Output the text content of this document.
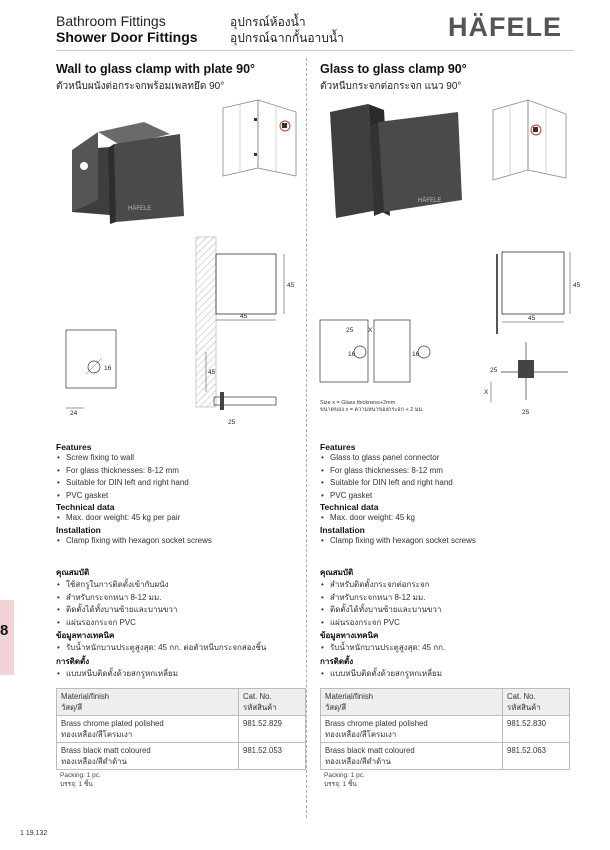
Bathroom Fittings
Shower Door Fittings
อุปกรณ์ห้องน้ำ
อุปกรณ์ฉากกั้นอาบน้ำ	HÄFELE
Wall to glass clamp with plate 90°
ตัวหนีบผนังต่อกระจกพร้อมเพลทยึด 90°
HÄFELE
45
45
16
24
45
25
Features
• Screw fixing to wall
• For glass thicknesses: 8-12 mm
• Suitable for DIN left and right hand
• PVC gasket
Technical data
• Max. door weight: 45 kg per pair
Installation
• Clamp fixing with hexagon socket screws
คุณสมบัติ
• ใช้สกรูในการติดตั้งเข้ากับผนัง
• สำหรับกระจกหนา 8-12 มม.
• ติดตั้งได้ทั้งบานซ้ายและบานขวา
• แผ่นรองกระจก PVC
ข้อมูลทางเทคนิค
• รับน้ำหนักบานประตูสูงสุด: 45 กก. ต่อตัวหนีบกระจกสองชิ้น
การติดตั้ง
• แบบหนีบติดตั้งด้วยสกรูหกเหลี่ยม
Material/finish
วัสดุ/สี	Cat. No.
รหัสสินค้า
Brass chrome plated polished
ทองเหลือง/สีโครมเงา	981.52.829
Brass black matt coloured
ทองเหลือง/สีดำด้าน	981.52.053
Packing: 1 pc.
บรรจุ: 1 ชิ้น
Glass to glass clamp 90°
ตัวหนีบกระจกต่อกระจก แนว 90°
HÄFELE
45
45
25 X
16	16
X
25
25
Size x = Glass thickness+2mm
ขนาดของ x = ความหนาของกระจก + 2 มม.
Features
• Glass to glass panel connector
• For glass thicknesses: 8-12 mm
• Suitable for DIN left and right hand
• PVC gasket
Technical data
• Max. door weight: 45 kg
Installation
• Clamp fixing with hexagon socket screws
คุณสมบัติ
• สำหรับติดตั้งกระจกต่อกระจก
• สำหรับกระจกหนา 8-12 มม.
• ติดตั้งได้ทั้งบานซ้ายและบานขวา
• แผ่นรองกระจก PVC
ข้อมูลทางเทคนิค
• รับน้ำหนักบานประตูสูงสุด: 45 กก.
การติดตั้ง
• แบบหนีบติดตั้งด้วยสกรูหกเหลี่ยม
Material/finish
วัสดุ/สี	Cat. No.
รหัสสินค้า
Brass chrome plated polished
ทองเหลือง/สีโครมเงา	981.52.830
Brass black matt coloured
ทองเหลือง/สีดำด้าน	981.52.063
Packing: 1 pc.
บรรจุ: 1 ชิ้น
8
1 19.132
